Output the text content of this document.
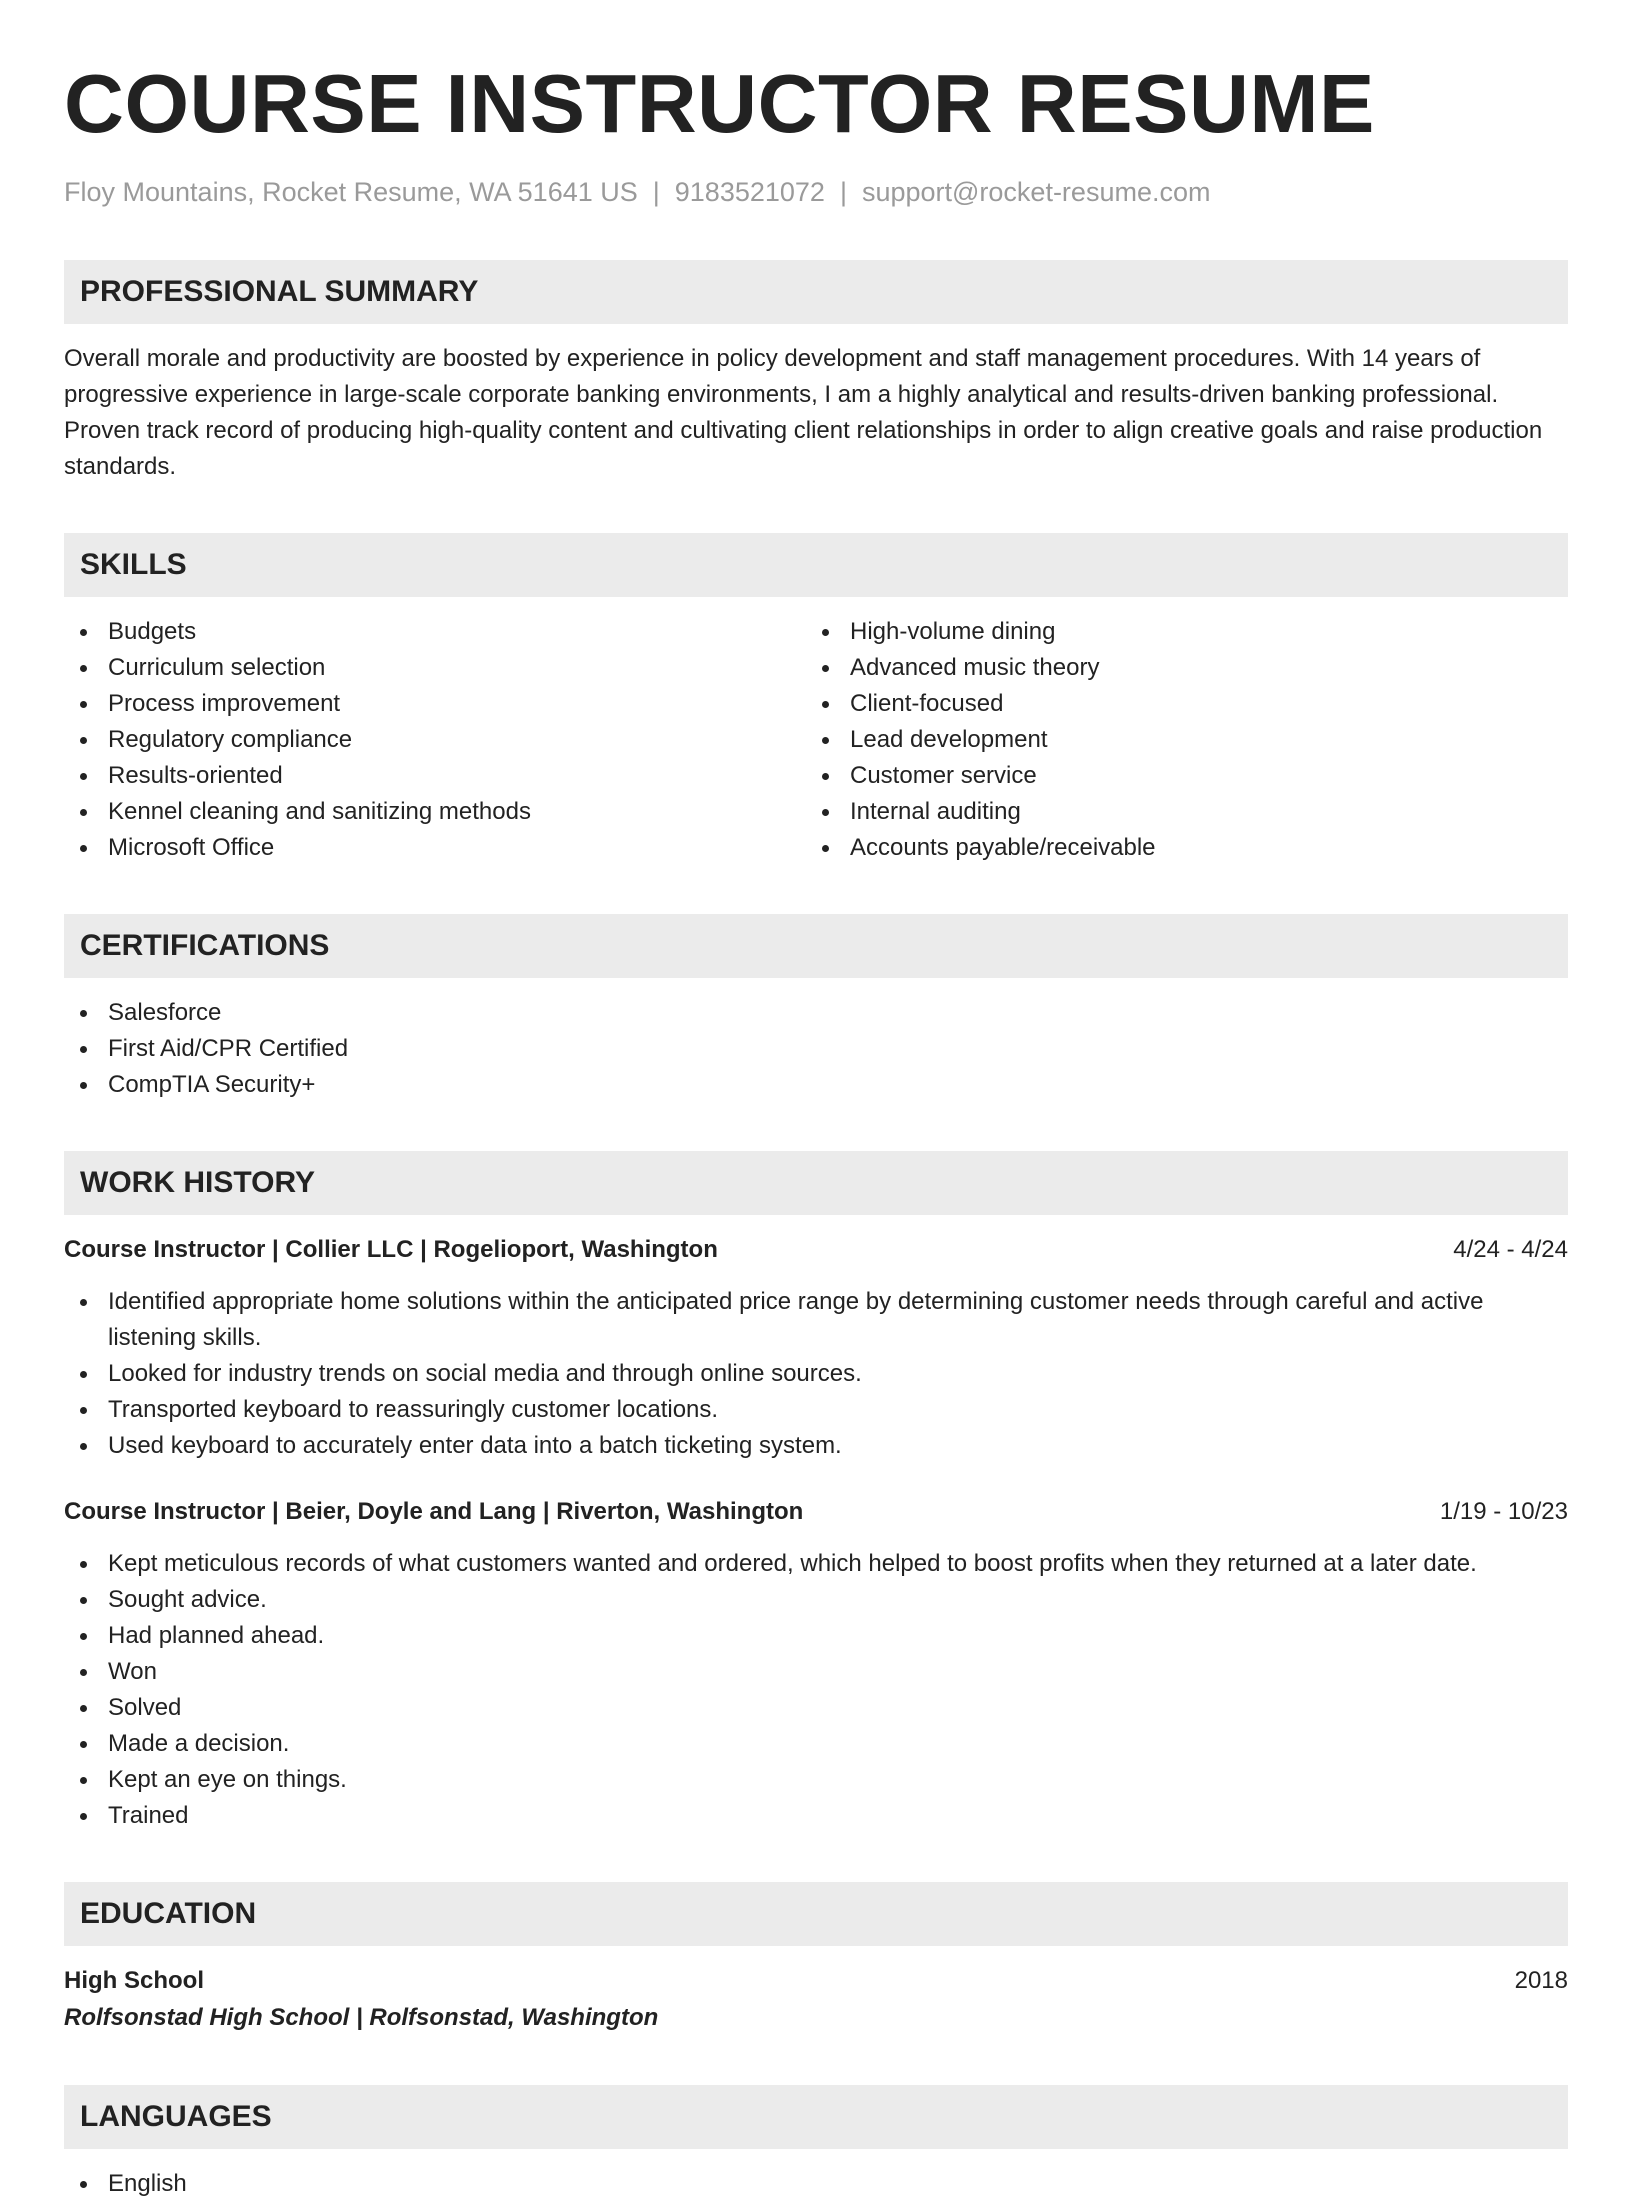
COURSE INSTRUCTOR RESUME
Floy Mountains, Rocket Resume, WA 51641 US | 9183521072 | support@rocket-resume.com
PROFESSIONAL SUMMARY

Overall morale and productivity are boosted by experience in policy development and staff management procedures. With 14 years of progressive experience in large-scale corporate banking environments, I am a highly analytical and results-driven banking professional. Proven track record of producing high-quality content and cultivating client relationships in order to align creative goals and raise production standards.

SKILLS
Budgets
Curriculum selection
Process improvement
Regulatory compliance
Results-oriented
Kennel cleaning and sanitizing methods
Microsoft Office
High-volume dining
Advanced music theory
Client-focused
Lead development
Customer service
Internal auditing
Accounts payable/receivable
CERTIFICATIONS
Salesforce
First Aid/CPR Certified
CompTIA Security+
WORK HISTORY
Course Instructor | Collier LLC | Rogelioport, Washington	4/24 - 4/24
Identified appropriate home solutions within the anticipated price range by determining customer needs through careful and active listening skills.
Looked for industry trends on social media and through online sources.
Transported keyboard to reassuringly customer locations.
Used keyboard to accurately enter data into a batch ticketing system.
Course Instructor | Beier, Doyle and Lang | Riverton, Washington	1/19 - 10/23
Kept meticulous records of what customers wanted and ordered, which helped to boost profits when they returned at a later date.
Sought advice.
Had planned ahead.
Won
Solved
Made a decision.
Kept an eye on things.
Trained
EDUCATION
High School	2018
Rolfsonstad High School | Rolfsonstad, Washington
LANGUAGES
English
